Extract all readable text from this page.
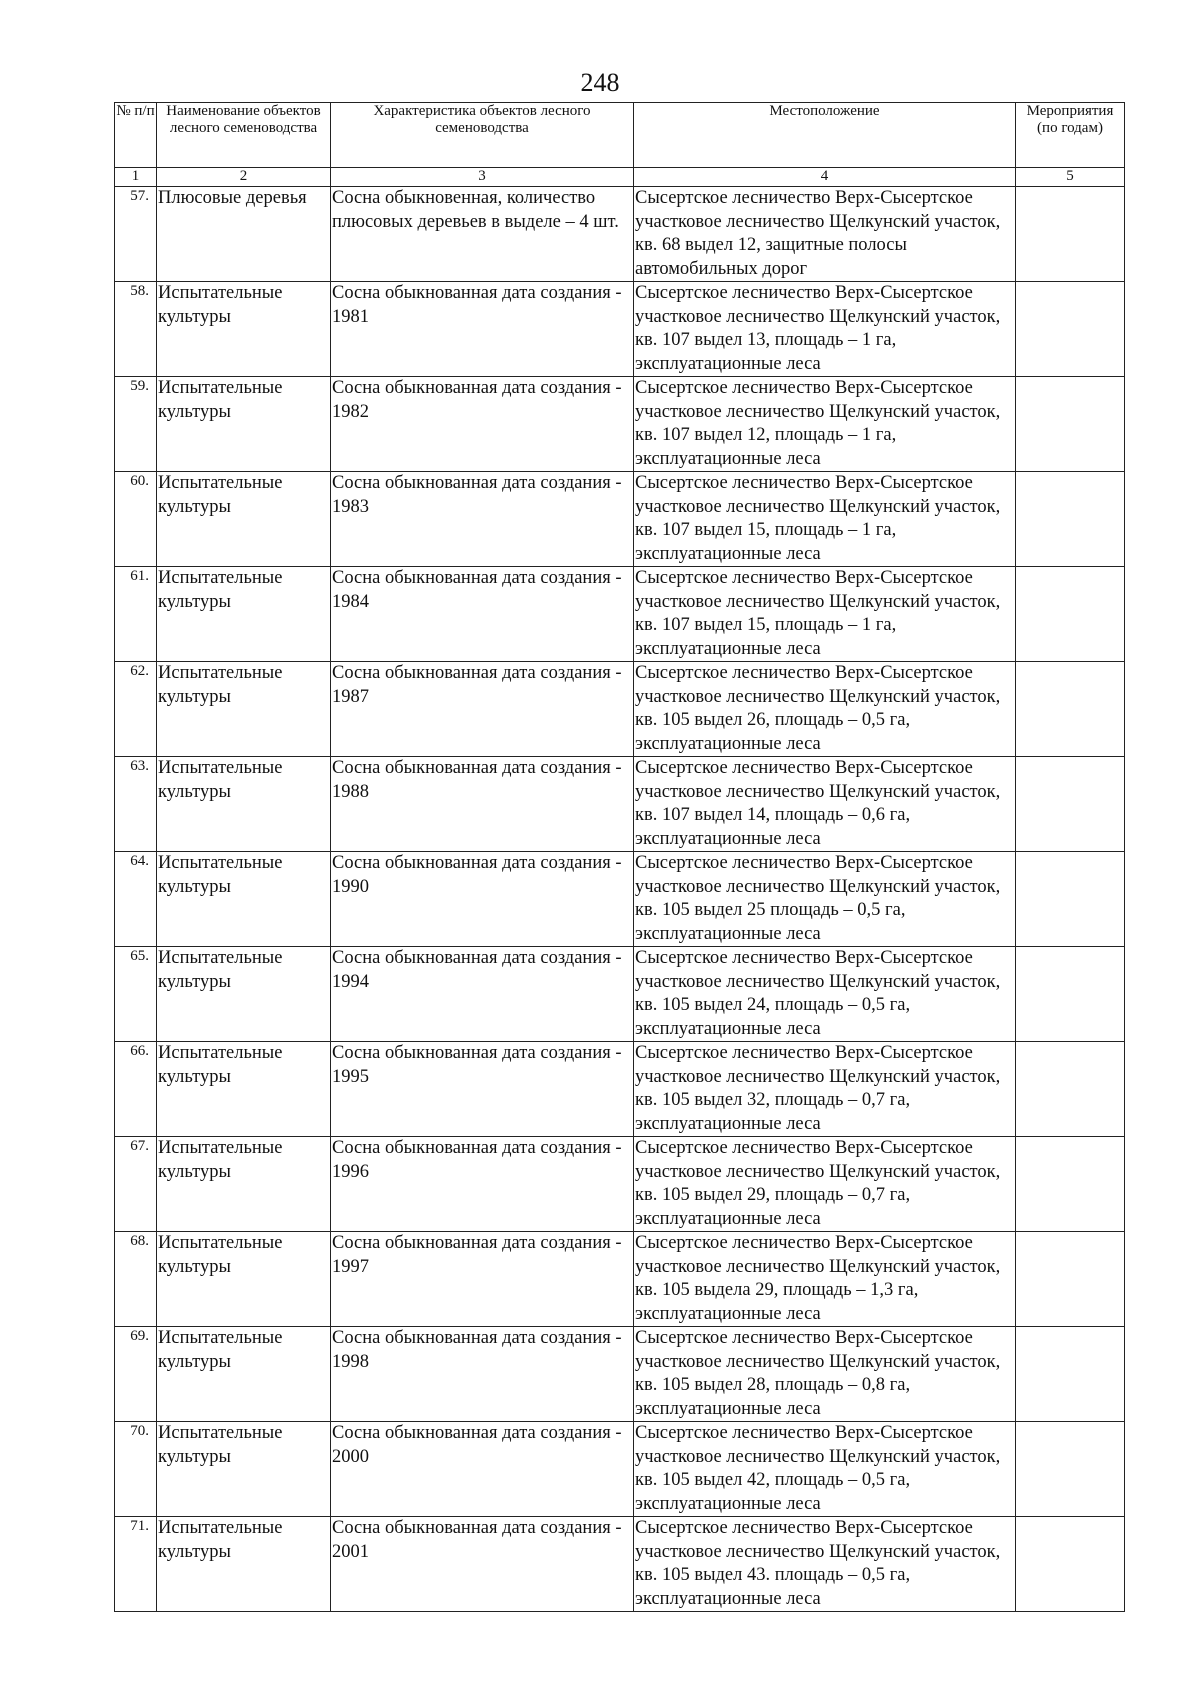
248
№ п/п	Наименование объектов лесного семеноводства	Характеристика объектов лесного семеноводства	Местоположение	Мероприятия (по годам)
1	2	3	4	5
57.	Плюсовые деревья	Сосна обыкновенная, количество плюсовых деревьев в выделе – 4 шт.	Сысертское лесничество Верх-Сысертское участковое лесничество Щелкунский участок, кв. 68 выдел 12, защитные полосы автомобильных дорог	
58.	Испытательные культуры	Сосна обыкнованная дата создания - 1981	Сысертское лесничество Верх-Сысертское участковое лесничество Щелкунский участок, кв. 107 выдел 13, площадь – 1 га, эксплуатационные леса	
59.	Испытательные культуры	Сосна обыкнованная дата создания - 1982	Сысертское лесничество Верх-Сысертское участковое лесничество Щелкунский участок, кв. 107 выдел 12, площадь – 1 га, эксплуатационные леса	
60.	Испытательные культуры	Сосна обыкнованная дата создания - 1983	Сысертское лесничество Верх-Сысертское участковое лесничество Щелкунский участок, кв. 107 выдел 15, площадь – 1 га, эксплуатационные леса	
61.	Испытательные культуры	Сосна обыкнованная дата создания - 1984	Сысертское лесничество Верх-Сысертское участковое лесничество Щелкунский участок, кв. 107 выдел 15, площадь – 1 га, эксплуатационные леса	
62.	Испытательные культуры	Сосна обыкнованная дата создания - 1987	Сысертское лесничество Верх-Сысертское участковое лесничество Щелкунский участок, кв. 105 выдел 26, площадь – 0,5 га, эксплуатационные леса	
63.	Испытательные культуры	Сосна обыкнованная дата создания - 1988	Сысертское лесничество Верх-Сысертское участковое лесничество Щелкунский участок, кв. 107 выдел 14, площадь – 0,6 га, эксплуатационные леса	
64.	Испытательные культуры	Сосна обыкнованная дата создания - 1990	Сысертское лесничество Верх-Сысертское участковое лесничество Щелкунский участок, кв. 105 выдел 25 площадь – 0,5 га, эксплуатационные леса	
65.	Испытательные культуры	Сосна обыкнованная дата создания - 1994	Сысертское лесничество Верх-Сысертское участковое лесничество Щелкунский участок, кв. 105 выдел 24, площадь – 0,5 га, эксплуатационные леса	
66.	Испытательные культуры	Сосна обыкнованная дата создания - 1995	Сысертское лесничество Верх-Сысертское участковое лесничество Щелкунский участок, кв. 105 выдел 32, площадь – 0,7 га, эксплуатационные леса	
67.	Испытательные культуры	Сосна обыкнованная дата создания - 1996	Сысертское лесничество Верх-Сысертское участковое лесничество Щелкунский участок, кв. 105 выдел 29, площадь – 0,7 га, эксплуатационные леса	
68.	Испытательные культуры	Сосна обыкнованная дата создания - 1997	Сысертское лесничество Верх-Сысертское участковое лесничество Щелкунский участок, кв. 105 выдела 29, площадь – 1,3 га, эксплуатационные леса	
69.	Испытательные культуры	Сосна обыкнованная дата создания - 1998	Сысертское лесничество Верх-Сысертское участковое лесничество Щелкунский участок, кв. 105 выдел 28, площадь – 0,8 га, эксплуатационные леса	
70.	Испытательные культуры	Сосна обыкнованная дата создания - 2000	Сысертское лесничество Верх-Сысертское участковое лесничество Щелкунский участок, кв. 105 выдел 42, площадь – 0,5 га, эксплуатационные леса	
71.	Испытательные культуры	Сосна обыкнованная дата создания - 2001	Сысертское лесничество Верх-Сысертское участковое лесничество Щелкунский участок, кв. 105 выдел 43. площадь – 0,5 га, эксплуатационные леса	
